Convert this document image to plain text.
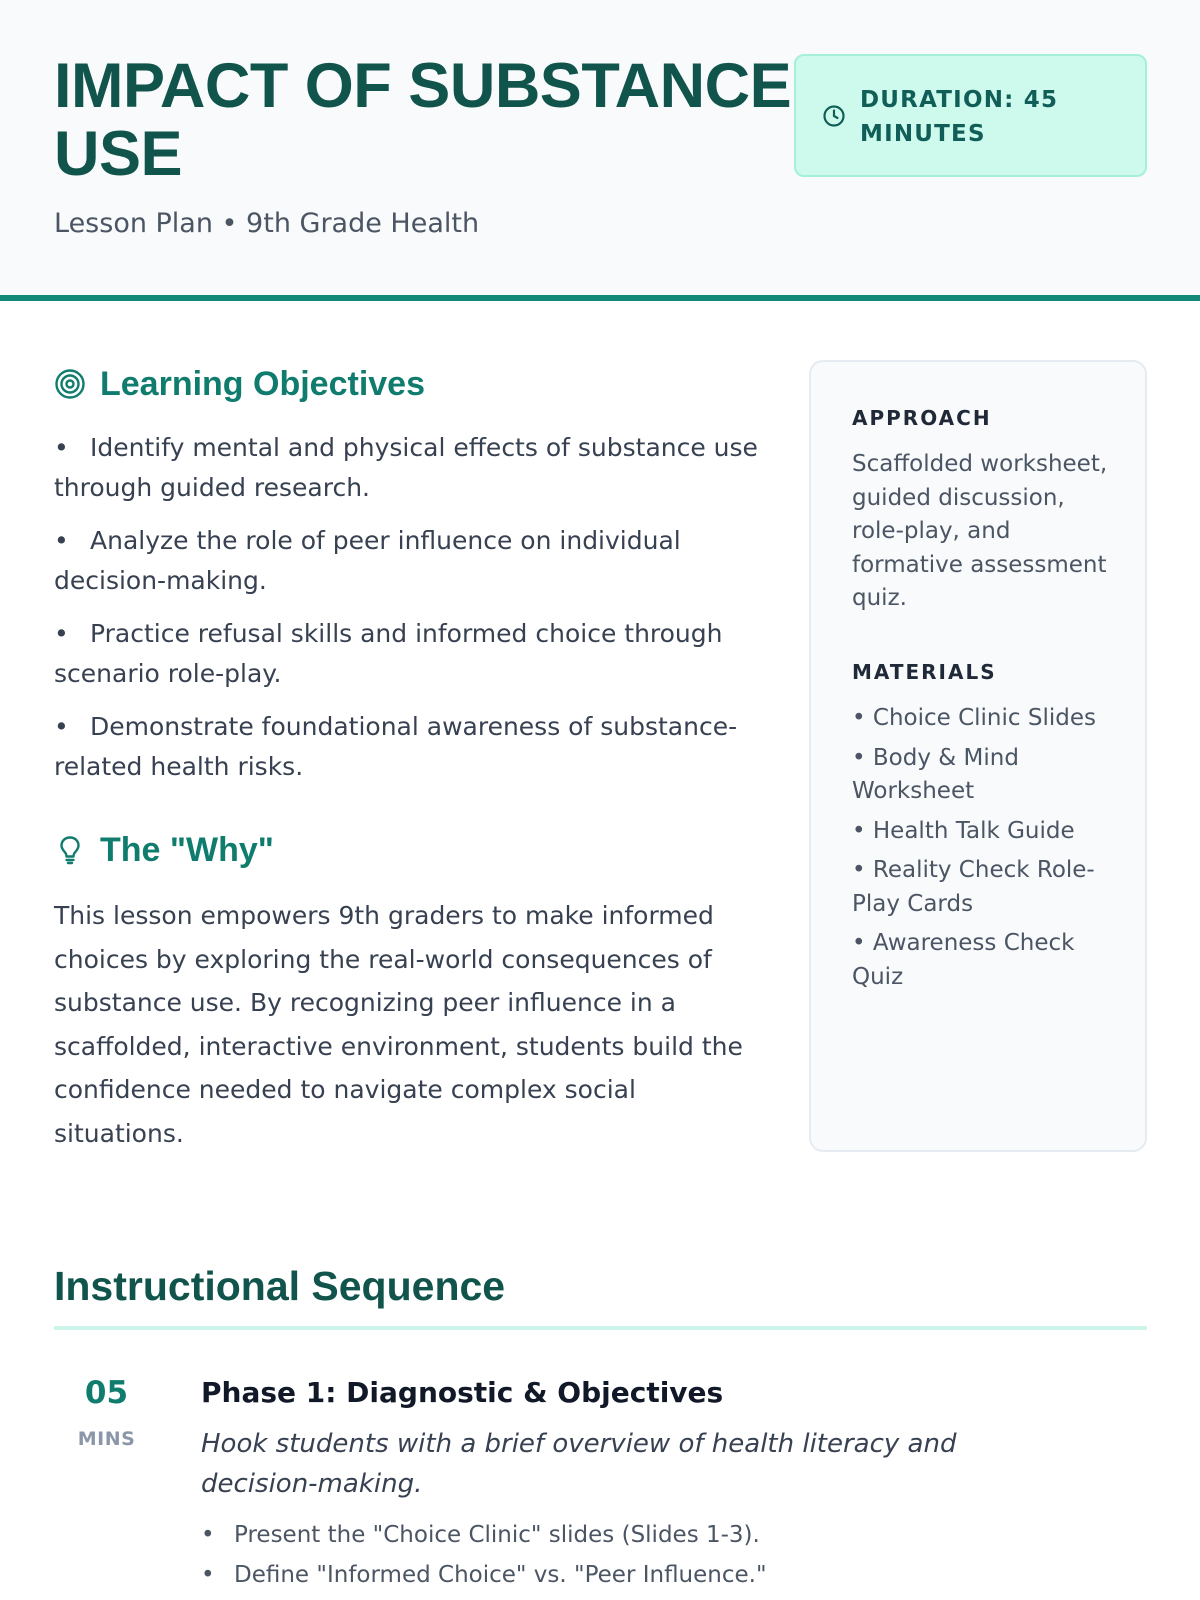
IMPACT OF SUBSTANCE USE
Lesson Plan • 9th Grade Health
DURATION: 45 MINUTES
Learning Objectives
• Identify mental and physical effects of substance use through guided research.
• Analyze the role of peer influence on individual decision-making.
• Practice refusal skills and informed choice through scenario role-play.
• Demonstrate foundational awareness of substance-related health risks.
The "Why"

This lesson empowers 9th graders to make informed choices by exploring the real-world consequences of substance use. By recognizing peer influence in a scaffolded, interactive environment, students build the confidence needed to navigate complex social situations.

APPROACH

Scaffolded worksheet, guided discussion, role-play, and formative assessment quiz.

MATERIALS
• Choice Clinic Slides
• Body & Mind Worksheet
• Health Talk Guide
• Reality Check Role-Play Cards
• Awareness Check Quiz
Instructional Sequence
05
MINS
Phase 1: Diagnostic & Objectives

Hook students with a brief overview of health literacy and decision-making.

• Present the "Choice Clinic" slides (Slides 1-3).
• Define "Informed Choice" vs. "Peer Influence."
